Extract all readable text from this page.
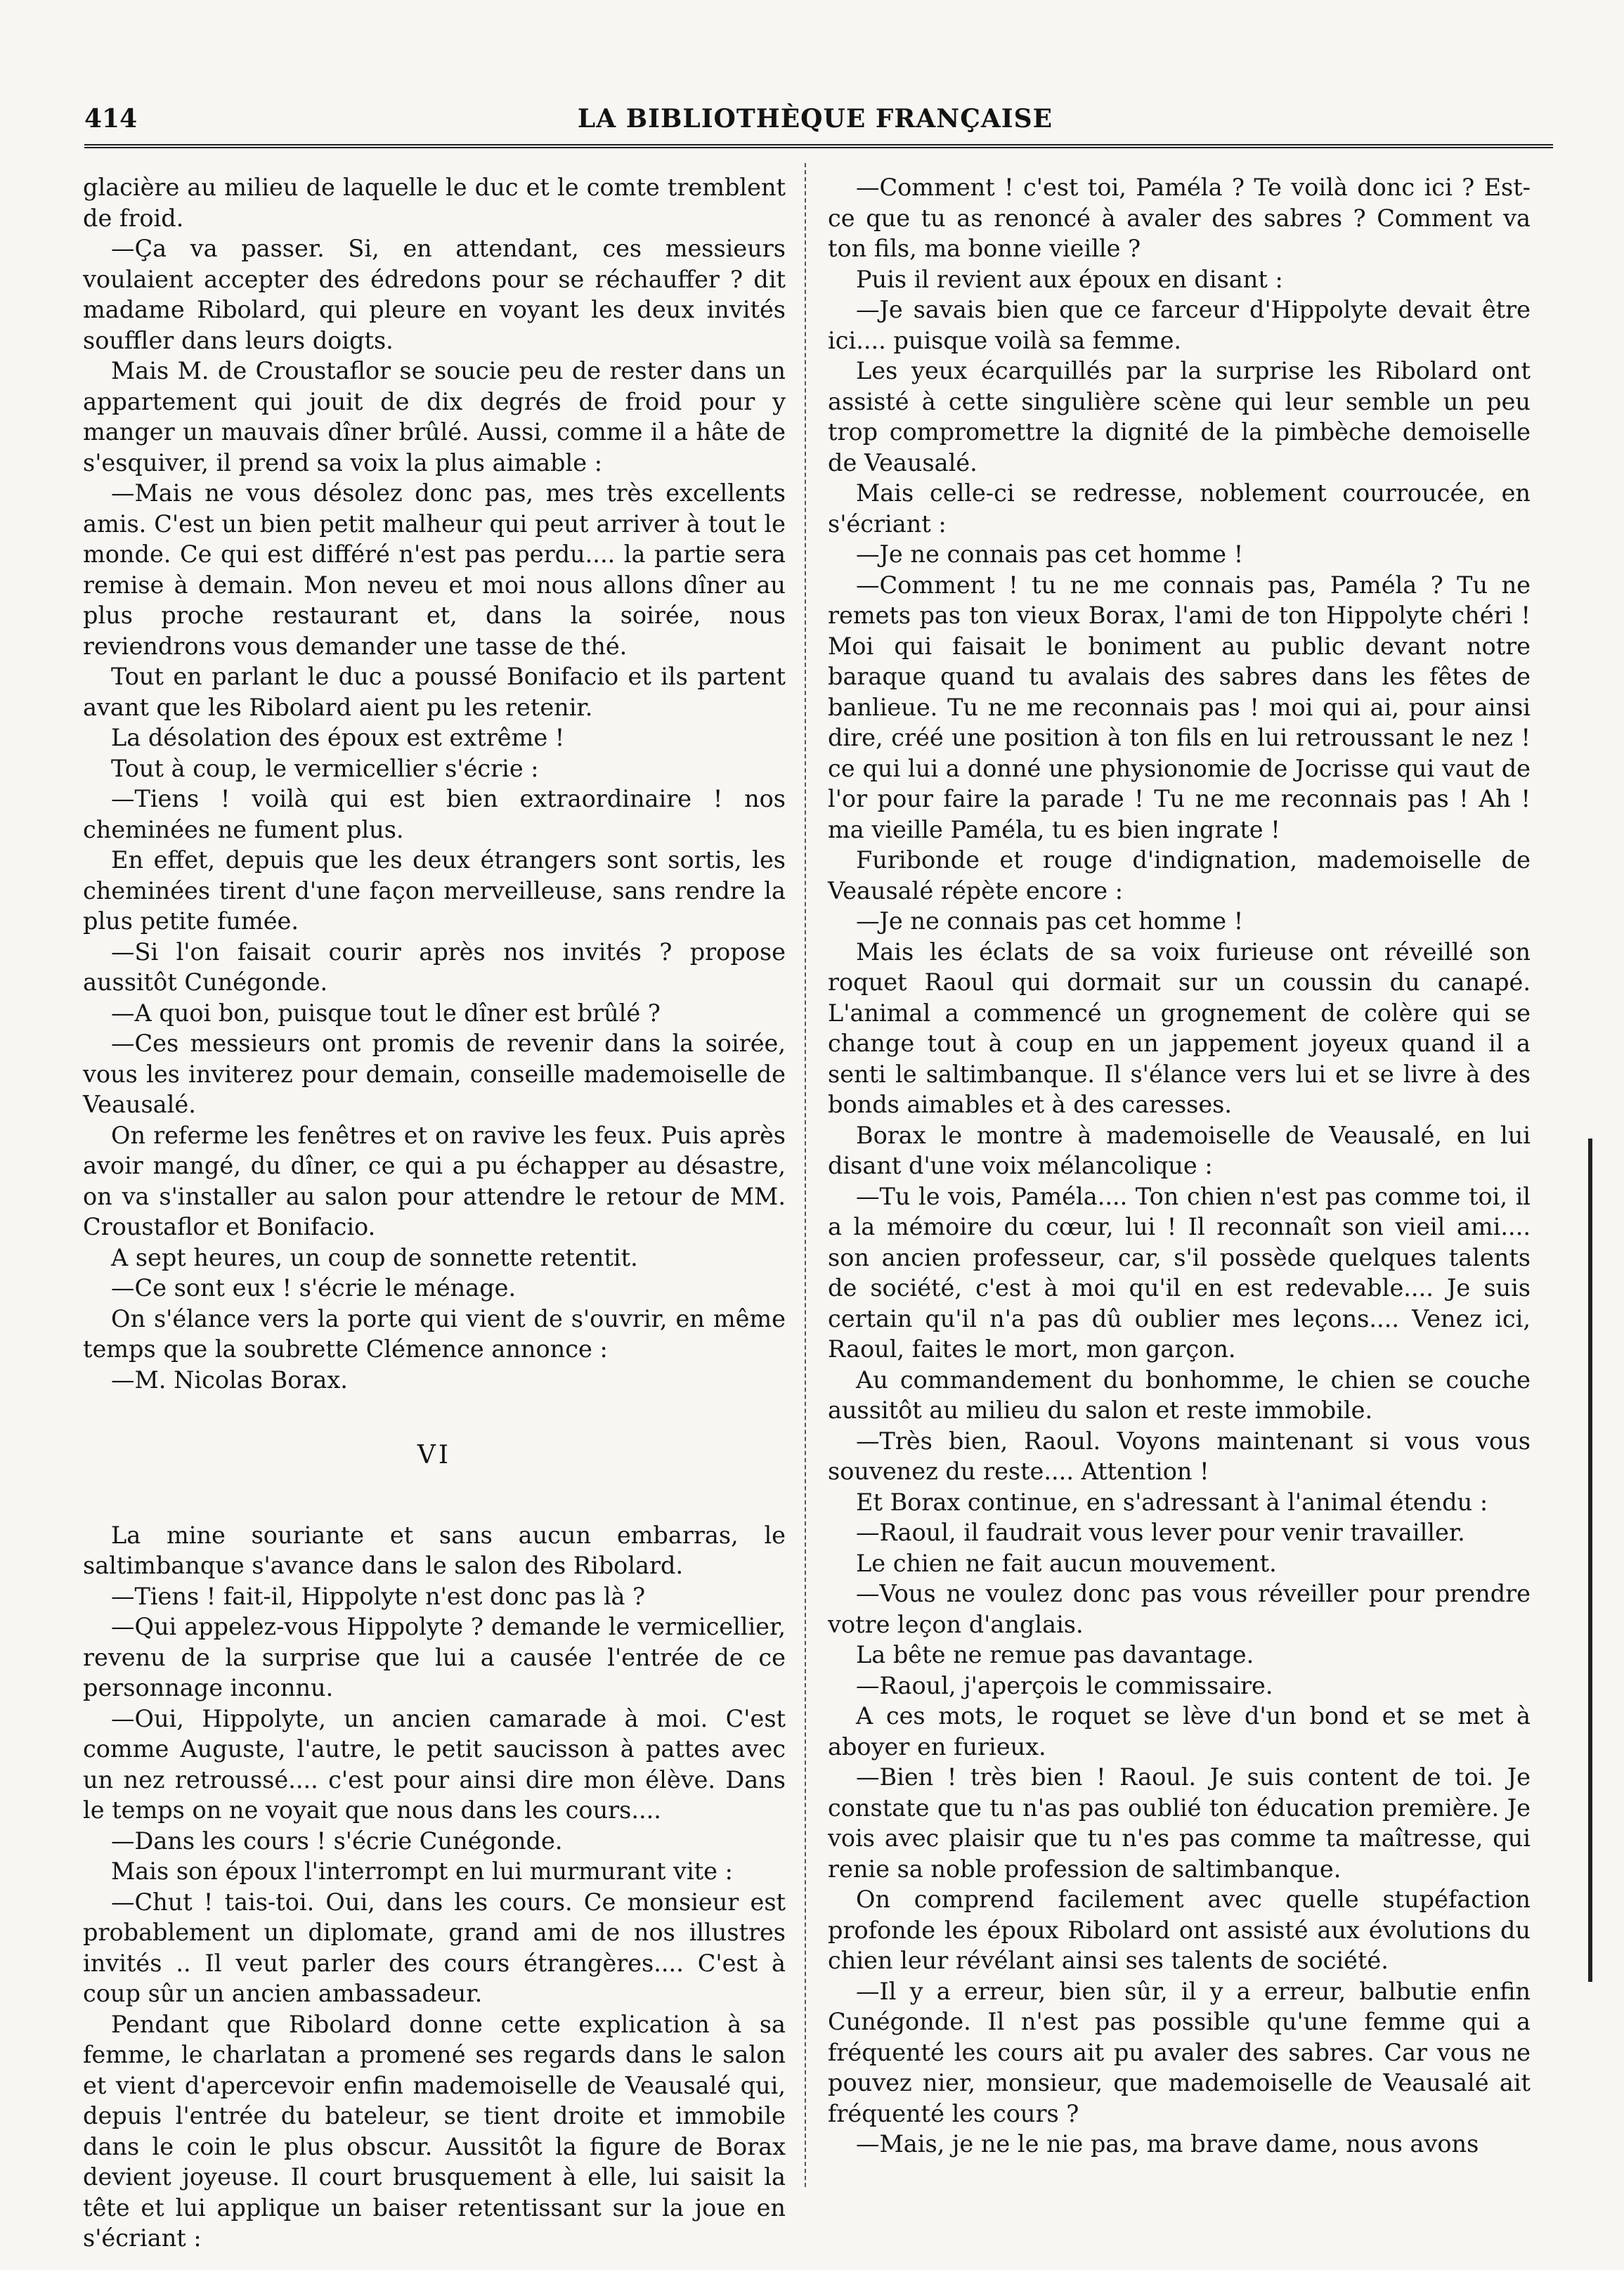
414	LA BIBLIOTHÈQUE FRANÇAISE

glacière au milieu de laquelle le duc et le comte tremblent de froid.

—Ça va passer. Si, en attendant, ces messieurs voulaient accepter des édredons pour se réchauffer ? dit madame Ribolard, qui pleure en voyant les deux invités souffler dans leurs doigts.

Mais M. de Croustaflor se soucie peu de rester dans un appartement qui jouit de dix degrés de froid pour y manger un mauvais dîner brûlé. Aussi, comme il a hâte de s'esquiver, il prend sa voix la plus aimable :

—Mais ne vous désolez donc pas, mes très excellents amis. C'est un bien petit malheur qui peut arriver à tout le monde. Ce qui est différé n'est pas perdu.... la partie sera remise à demain. Mon neveu et moi nous allons dîner au plus proche restaurant et, dans la soirée, nous reviendrons vous demander une tasse de thé.

Tout en parlant le duc a poussé Bonifacio et ils partent avant que les Ribolard aient pu les retenir.

La désolation des époux est extrême !

Tout à coup, le vermicellier s'écrie :

—Tiens ! voilà qui est bien extraordinaire ! nos cheminées ne fument plus.

En effet, depuis que les deux étrangers sont sortis, les cheminées tirent d'une façon merveilleuse, sans rendre la plus petite fumée.

—Si l'on faisait courir après nos invités ? propose aussitôt Cunégonde.

—A quoi bon, puisque tout le dîner est brûlé ?

—Ces messieurs ont promis de revenir dans la soirée, vous les inviterez pour demain, conseille mademoiselle de Veausalé.

On referme les fenêtres et on ravive les feux. Puis après avoir mangé, du dîner, ce qui a pu échapper au désastre, on va s'installer au salon pour attendre le retour de MM. Croustaflor et Bonifacio.

A sept heures, un coup de sonnette retentit.

—Ce sont eux ! s'écrie le ménage.

On s'élance vers la porte qui vient de s'ouvrir, en même temps que la soubrette Clémence annonce :

—M. Nicolas Borax.

VI

La mine souriante et sans aucun embarras, le saltimbanque s'avance dans le salon des Ribolard.

—Tiens ! fait-il, Hippolyte n'est donc pas là ?

—Qui appelez-vous Hippolyte ? demande le vermicellier, revenu de la surprise que lui a causée l'entrée de ce personnage inconnu.

—Oui, Hippolyte, un ancien camarade à moi. C'est comme Auguste, l'autre, le petit saucisson à pattes avec un nez retroussé.... c'est pour ainsi dire mon élève. Dans le temps on ne voyait que nous dans les cours....

—Dans les cours ! s'écrie Cunégonde.

Mais son époux l'interrompt en lui murmurant vite :

—Chut ! tais-toi. Oui, dans les cours. Ce monsieur est probablement un diplomate, grand ami de nos illustres invités .. Il veut parler des cours étrangères.... C'est à coup sûr un ancien ambassadeur.

Pendant que Ribolard donne cette explication à sa femme, le charlatan a promené ses regards dans le salon et vient d'apercevoir enfin mademoiselle de Veausalé qui, depuis l'entrée du bateleur, se tient droite et immobile dans le coin le plus obscur. Aussitôt la figure de Borax devient joyeuse. Il court brusquement à elle, lui saisit la tête et lui applique un baiser retentissant sur la joue en s'écriant :

—Comment ! c'est toi, Paméla ? Te voilà donc ici ? Est-ce que tu as renoncé à avaler des sabres ? Comment va ton fils, ma bonne vieille ?

Puis il revient aux époux en disant :

—Je savais bien que ce farceur d'Hippolyte devait être ici.... puisque voilà sa femme.

Les yeux écarquillés par la surprise les Ribolard ont assisté à cette singulière scène qui leur semble un peu trop compromettre la dignité de la pimbèche demoiselle de Veausalé.

Mais celle-ci se redresse, noblement courroucée, en s'écriant :

—Je ne connais pas cet homme !

—Comment ! tu ne me connais pas, Paméla ? Tu ne remets pas ton vieux Borax, l'ami de ton Hippolyte chéri ! Moi qui faisait le boniment au public devant notre baraque quand tu avalais des sabres dans les fêtes de banlieue. Tu ne me reconnais pas ! moi qui ai, pour ainsi dire, créé une position à ton fils en lui retroussant le nez ! ce qui lui a donné une physionomie de Jocrisse qui vaut de l'or pour faire la parade ! Tu ne me reconnais pas ! Ah ! ma vieille Paméla, tu es bien ingrate !

Furibonde et rouge d'indignation, mademoiselle de Veausalé répète encore :

—Je ne connais pas cet homme !

Mais les éclats de sa voix furieuse ont réveillé son roquet Raoul qui dormait sur un coussin du canapé. L'animal a commencé un grognement de colère qui se change tout à coup en un jappement joyeux quand il a senti le saltimbanque. Il s'élance vers lui et se livre à des bonds aimables et à des caresses.

Borax le montre à mademoiselle de Veausalé, en lui disant d'une voix mélancolique :

—Tu le vois, Paméla.... Ton chien n'est pas comme toi, il a la mémoire du cœur, lui ! Il reconnaît son vieil ami.... son ancien professeur, car, s'il possède quelques talents de société, c'est à moi qu'il en est redevable.... Je suis certain qu'il n'a pas dû oublier mes leçons.... Venez ici, Raoul, faites le mort, mon garçon.

Au commandement du bonhomme, le chien se couche aussitôt au milieu du salon et reste immobile.

—Très bien, Raoul. Voyons maintenant si vous vous souvenez du reste.... Attention !

Et Borax continue, en s'adressant à l'animal étendu :

—Raoul, il faudrait vous lever pour venir travailler.

Le chien ne fait aucun mouvement.

—Vous ne voulez donc pas vous réveiller pour prendre votre leçon d'anglais.

La bête ne remue pas davantage.

—Raoul, j'aperçois le commissaire.

A ces mots, le roquet se lève d'un bond et se met à aboyer en furieux.

—Bien ! très bien ! Raoul. Je suis content de toi. Je constate que tu n'as pas oublié ton éducation première. Je vois avec plaisir que tu n'es pas comme ta maîtresse, qui renie sa noble profession de saltimbanque.

On comprend facilement avec quelle stupéfaction profonde les époux Ribolard ont assisté aux évolutions du chien leur révélant ainsi ses talents de société.

—Il y a erreur, bien sûr, il y a erreur, balbutie enfin Cunégonde. Il n'est pas possible qu'une femme qui a fréquenté les cours ait pu avaler des sabres. Car vous ne pouvez nier, monsieur, que mademoiselle de Veausalé ait fréquenté les cours ?

—Mais, je ne le nie pas, ma brave dame, nous avons
